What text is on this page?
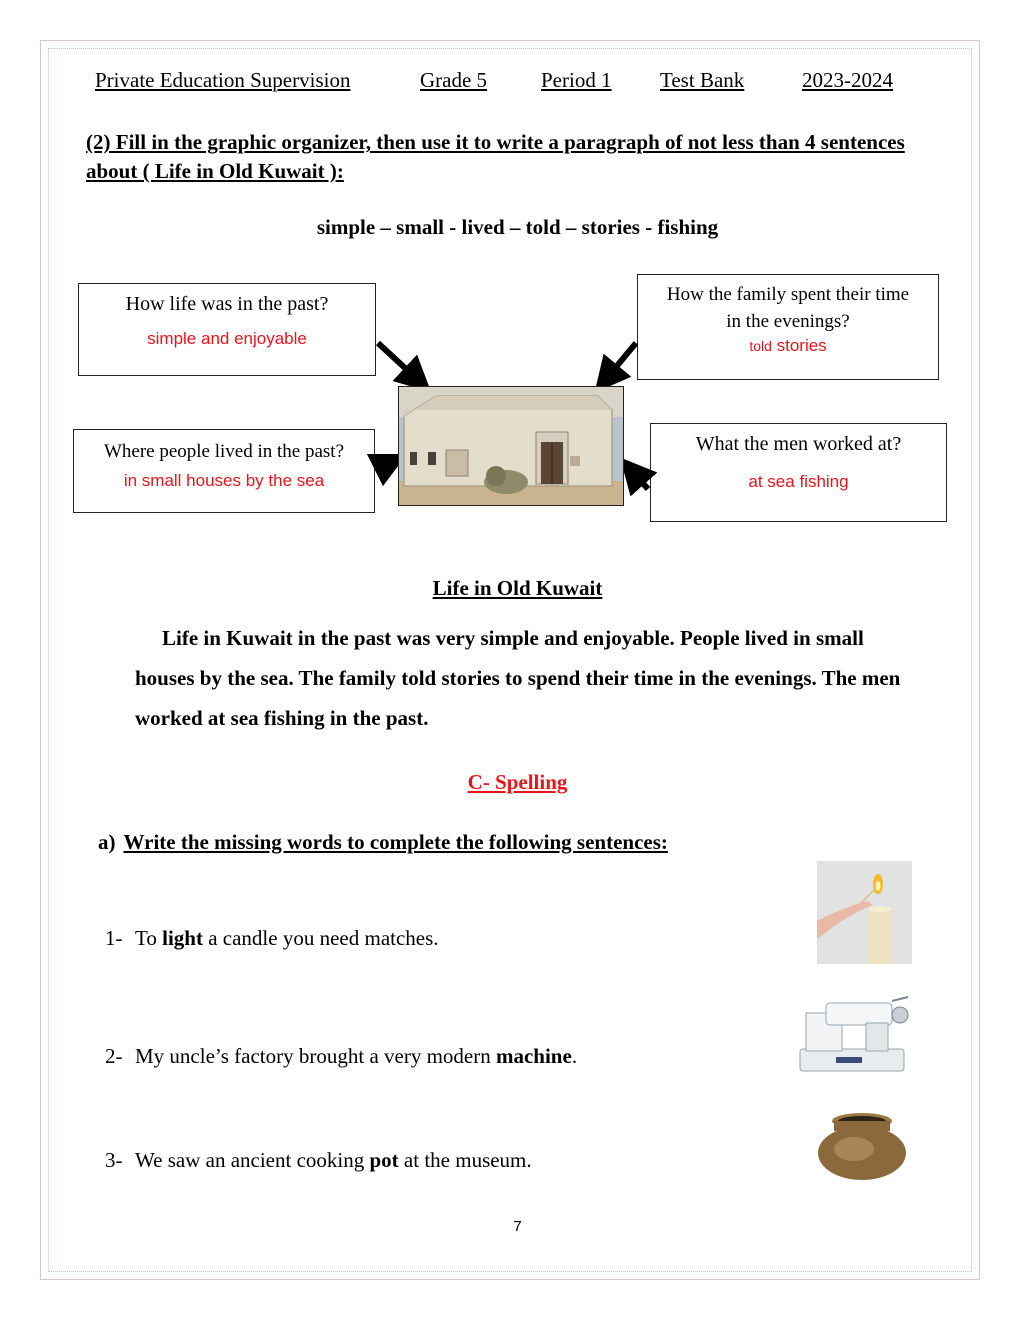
Private Education Supervision	Grade 5	Period 1 Test Bank	2023-2024
(2) Fill in the graphic organizer, then use it to write a paragraph of not less than 4 sentences about ( Life in Old Kuwait ):
simple – small - lived – told – stories - fishing
How life was in the past?
simple and enjoyable
How the family spent their time in the evenings?
told stories
Where people lived in the past?
in small houses by the sea
What the men worked at?
at sea fishing
Life in Old Kuwait
Life in Kuwait in the past was very simple and enjoyable. People lived in small houses by the sea. The family told stories to spend their time in the evenings. The men worked at sea fishing in the past.
C- Spelling
a) Write the missing words to complete the following sentences:
1- To light a candle you need matches.
2- My uncle’s factory brought a very modern machine.
3- We saw an ancient cooking pot at the museum.
7
